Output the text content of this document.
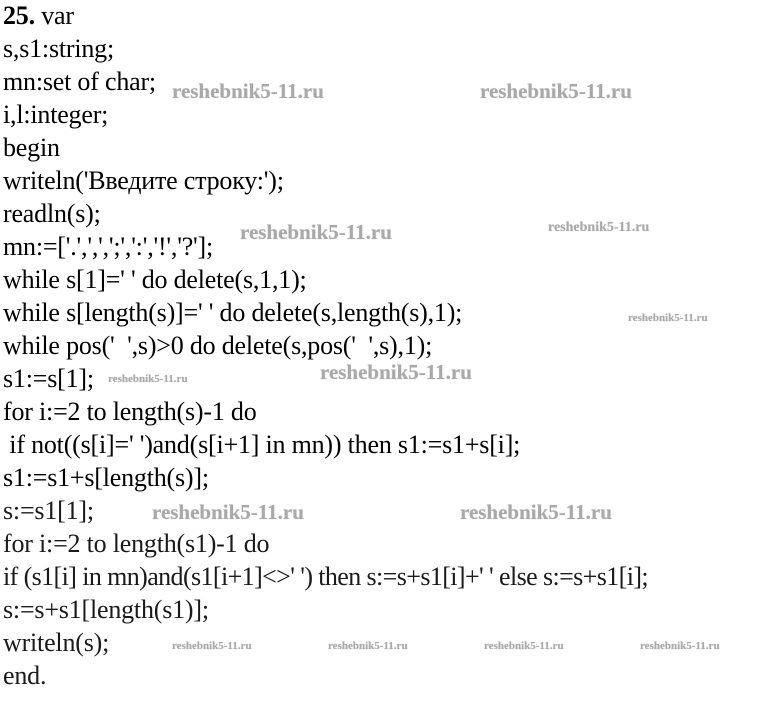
25. var
s,s1:string;
mn:set of char;
i,l:integer;
begin
writeln('Введите строку:');
readln(s);
mn:=['.',',',';',':','!','?'];
while s[1]=' ' do delete(s,1,1);
while s[length(s)]=' ' do delete(s,length(s),1);
while pos('  ',s)>0 do delete(s,pos('  ',s),1);
s1:=s[1];
for i:=2 to length(s)-1 do
if not((s[i]=' ')and(s[i+1] in mn)) then s1:=s1+s[i];
s1:=s1+s[length(s)];
s:=s1[1];
for i:=2 to length(s1)-1 do
if (s1[i] in mn)and(s1[i+1]<>' ') then s:=s+s1[i]+' ' else s:=s+s1[i];
s:=s+s1[length(s1)];
writeln(s);
end.
reshebnik5-11.ru	reshebnik5-11.ru
reshebnik5-11.ru	reshebnik5-11.ru
reshebnik5-11.ru
reshebnik5-11.ru	reshebnik5-11.ru
reshebnik5-11.ru	reshebnik5-11.ru
reshebnik5-11.ru	reshebnik5-11.ru	reshebnik5-11.ru	reshebnik5-11.ru
